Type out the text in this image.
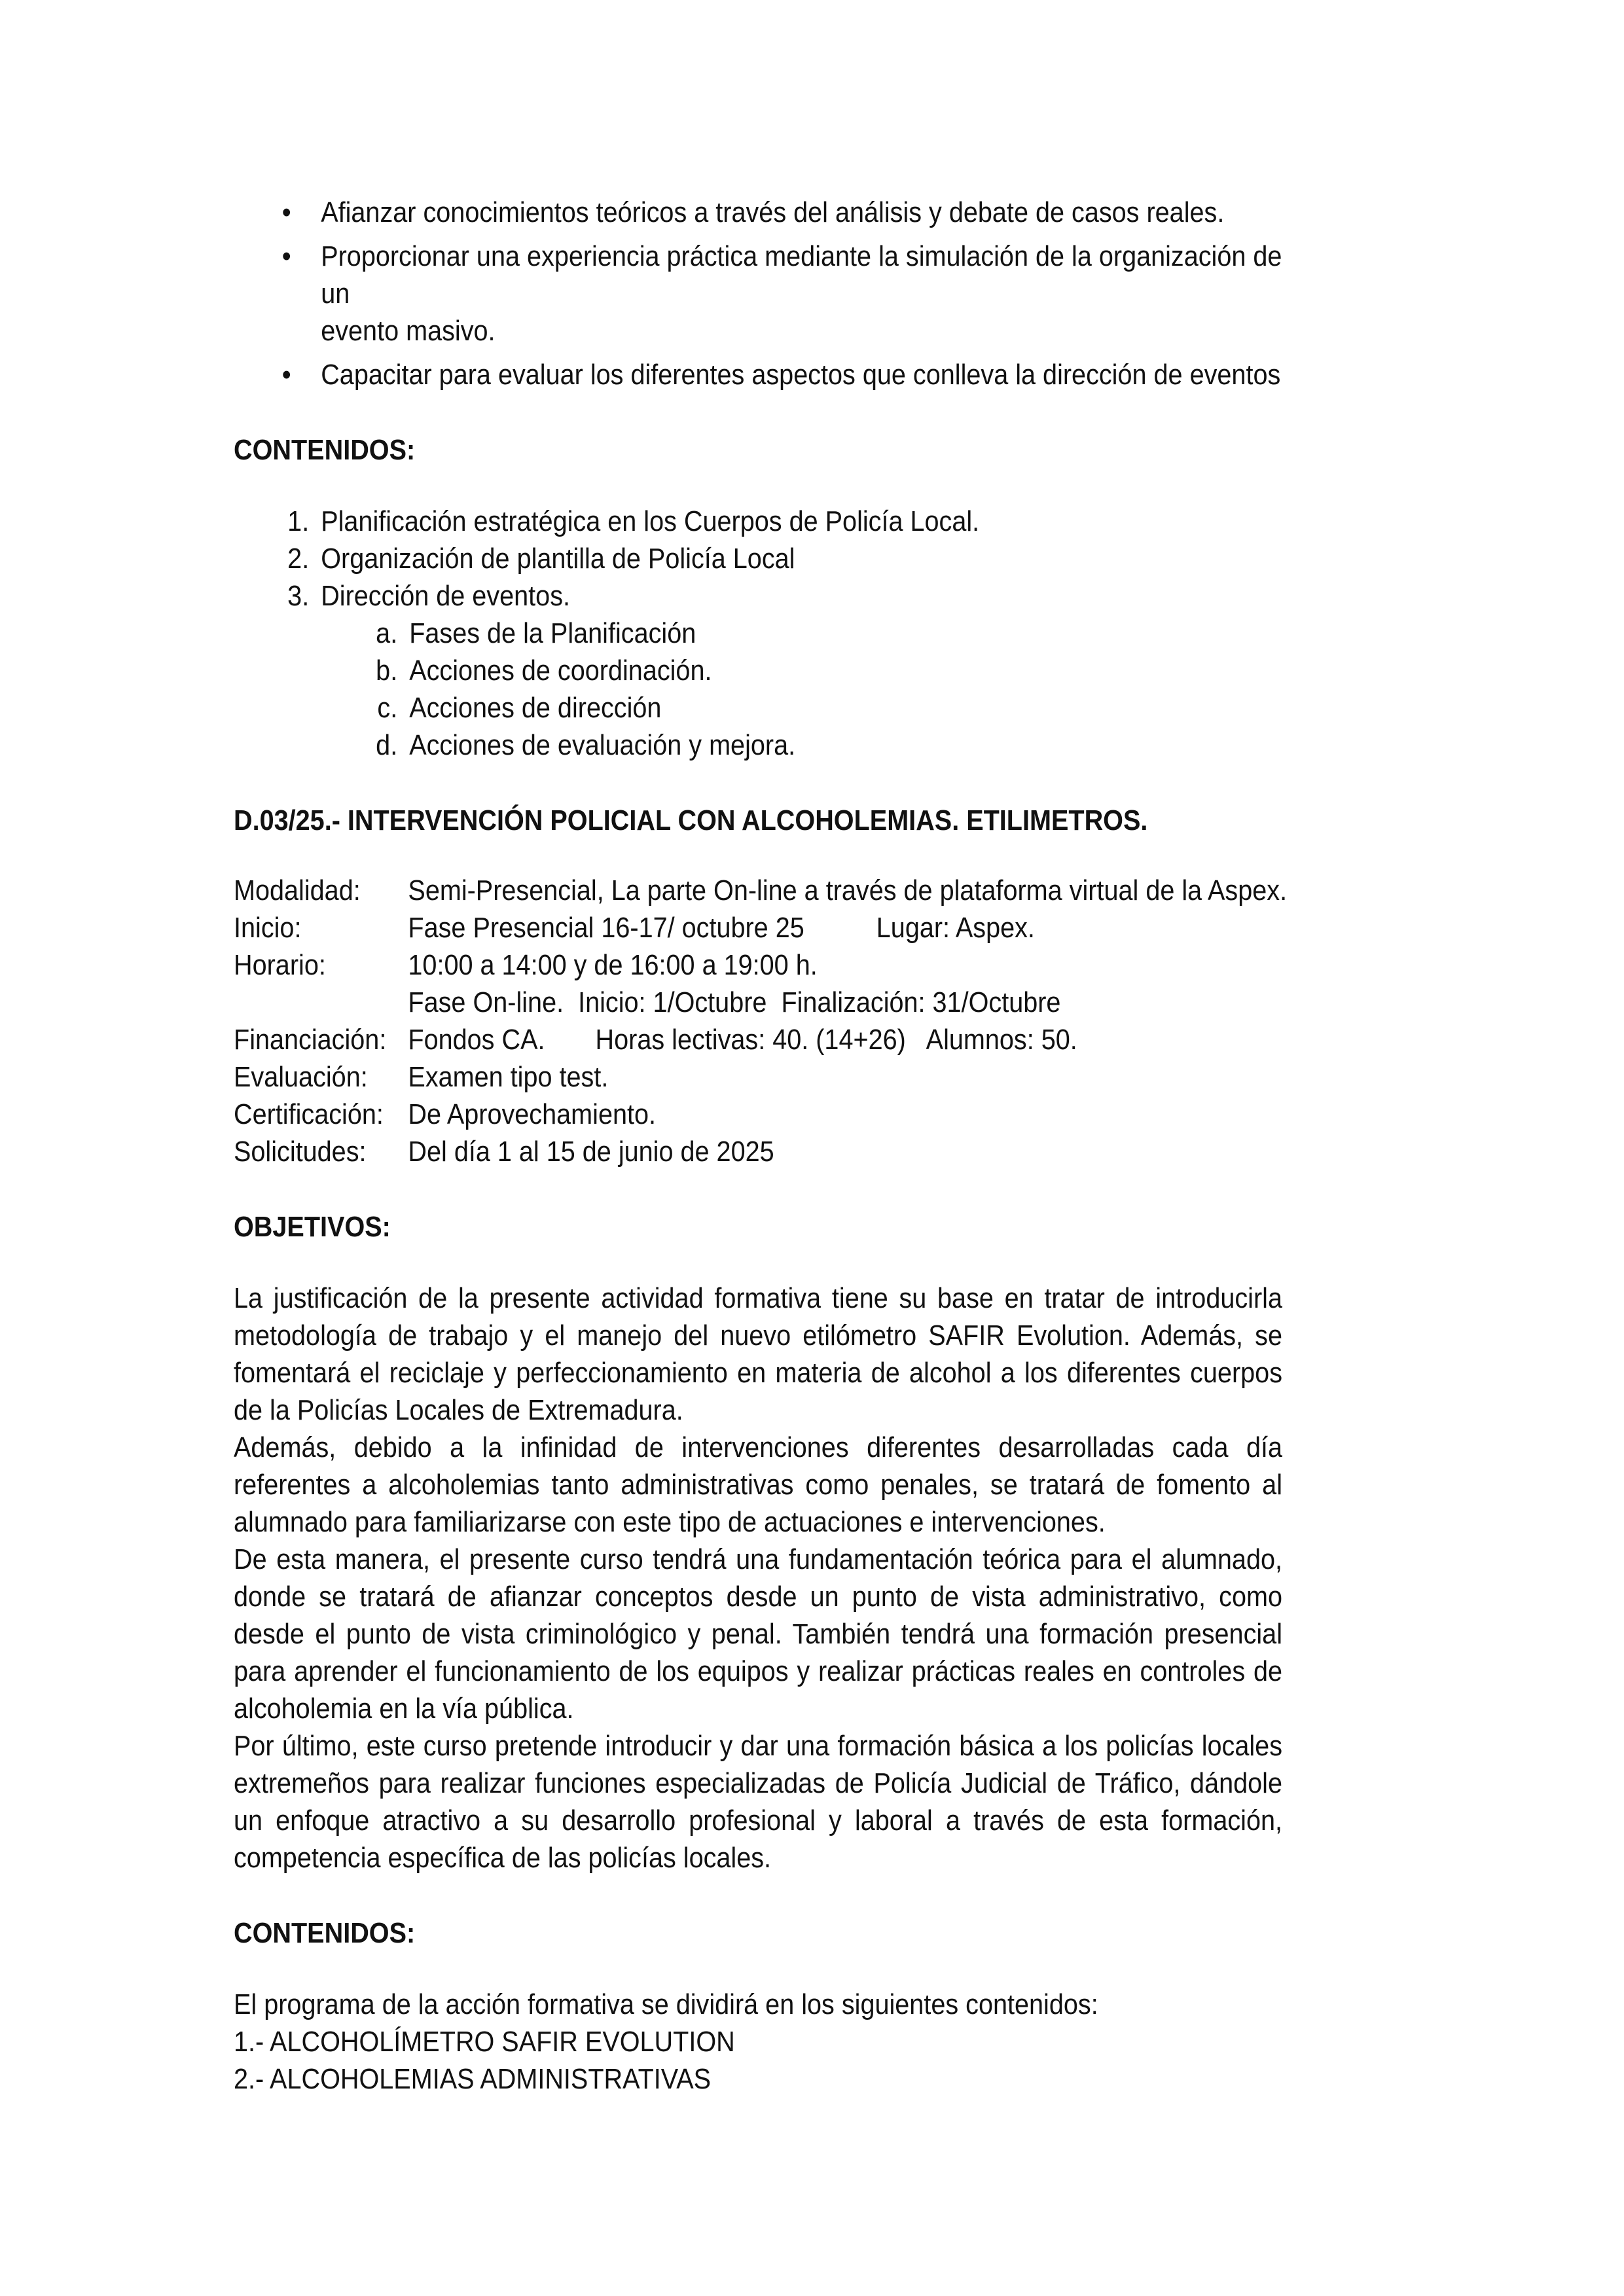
• Afianzar conocimientos teóricos a través del análisis y debate de casos reales.
• Proporcionar una experiencia práctica mediante la simulación de la organización de un
evento masivo.
• Capacitar para evaluar los diferentes aspectos que conlleva la dirección de eventos

CONTENIDOS:

1. Planificación estratégica en los Cuerpos de Policía Local.
2. Organización de plantilla de Policía Local
3. Dirección de eventos.
a. Fases de la Planificación
b. Acciones de coordinación.
c. Acciones de dirección
d. Acciones de evaluación y mejora.

D.03/25.- INTERVENCIÓN POLICIAL CON ALCOHOLEMIAS. ETILIMETROS.

Modalidad:	Semi-Presencial, La parte On-line a través de plataforma virtual de la Aspex.
Inicio:	Fase Presencial 16-17/ octubre 25          Lugar: Aspex.
Horario:	10:00 a 14:00 y de 16:00 a 19:00 h.
Fase On-line.  Inicio: 1/Octubre  Finalización: 31/Octubre
Financiación: Fondos CA.       Horas lectivas: 40. (14+26)   Alumnos: 50.
Evaluación:	Examen tipo test.
Certificación: De Aprovechamiento.
Solicitudes:	Del día 1 al 15 de junio de 2025

OBJETIVOS:

La justificación de la presente actividad formativa tiene su base en tratar de introducirla metodología de trabajo y el manejo del nuevo etilómetro SAFIR Evolution. Además, se fomentará el reciclaje y perfeccionamiento en materia de alcohol a los diferentes cuerpos de la Policías Locales de Extremadura.

Además, debido a la infinidad de intervenciones diferentes desarrolladas cada día referentes a alcoholemias tanto administrativas como penales, se tratará de fomento al alumnado para familiarizarse con este tipo de actuaciones e intervenciones.

De esta manera, el presente curso tendrá una fundamentación teórica para el alumnado, donde se tratará de afianzar conceptos desde un punto de vista administrativo, como desde el punto de vista criminológico y penal. También tendrá una formación presencial para aprender el funcionamiento de los equipos y realizar prácticas reales en controles de alcoholemia en la vía pública.

Por último, este curso pretende introducir y dar una formación básica a los policías locales extremeños para realizar funciones especializadas de Policía Judicial de Tráfico, dándole un enfoque atractivo a su desarrollo profesional y laboral a través de esta formación, competencia específica de las policías locales.

CONTENIDOS:

El programa de la acción formativa se dividirá en los siguientes contenidos:

1.- ALCOHOLÍMETRO SAFIR EVOLUTION

2.- ALCOHOLEMIAS ADMINISTRATIVAS
